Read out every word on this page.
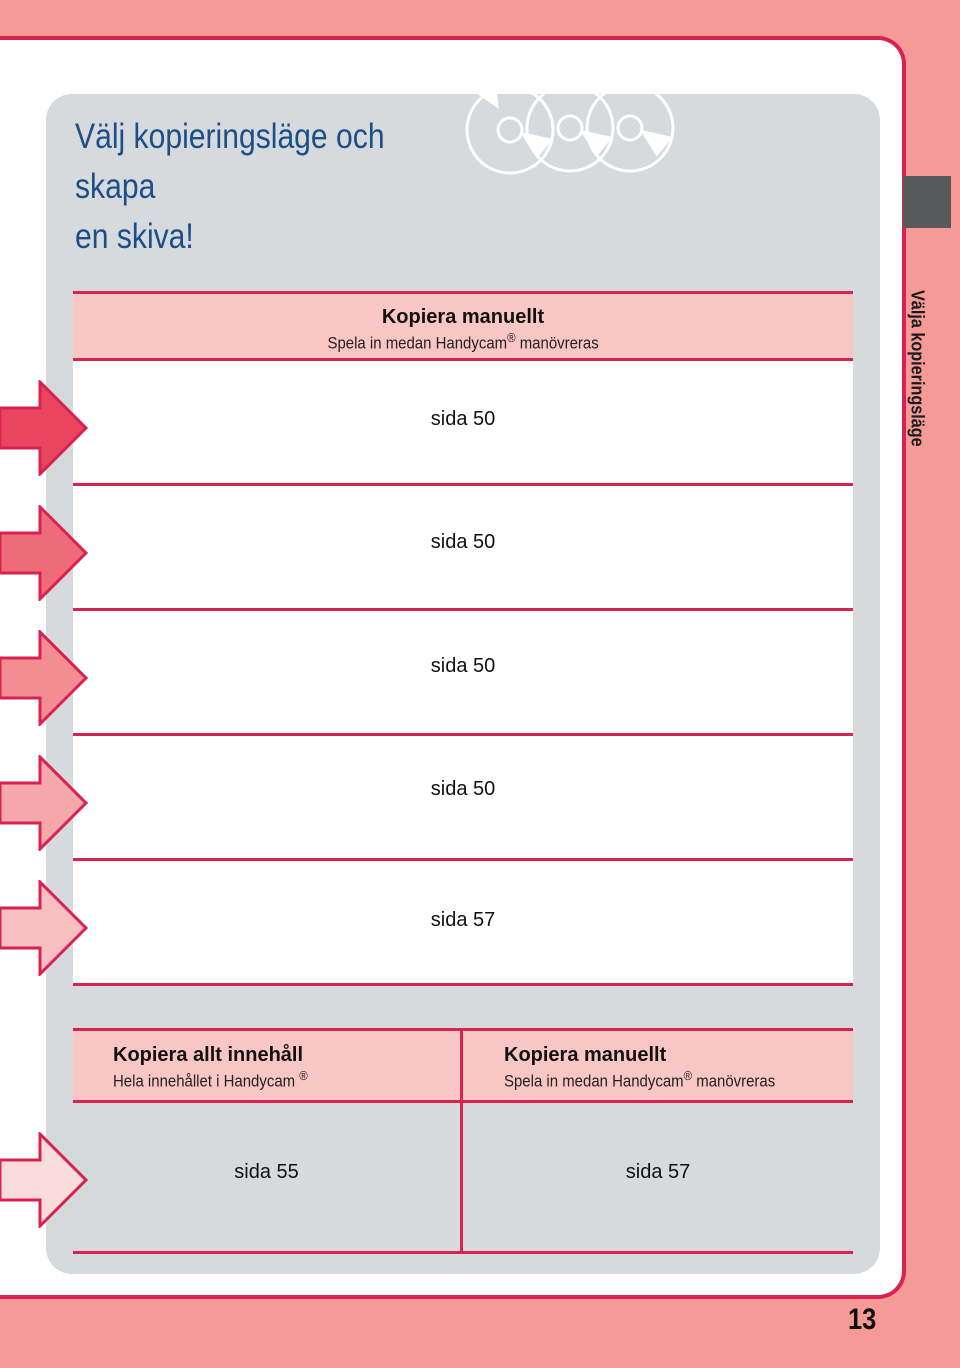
Välj kopieringsläge och skapa
en skiva!
Välja kopieringsläge
Kopiera manuellt
Spela in medan Handycam® manövreras
sida 50
sida 50
sida 50
sida 50
sida 57
Kopiera allt innehåll
Hela innehållet i Handycam ®
sida 55
Kopiera manuellt
Spela in medan Handycam® manövreras
sida 57
13
